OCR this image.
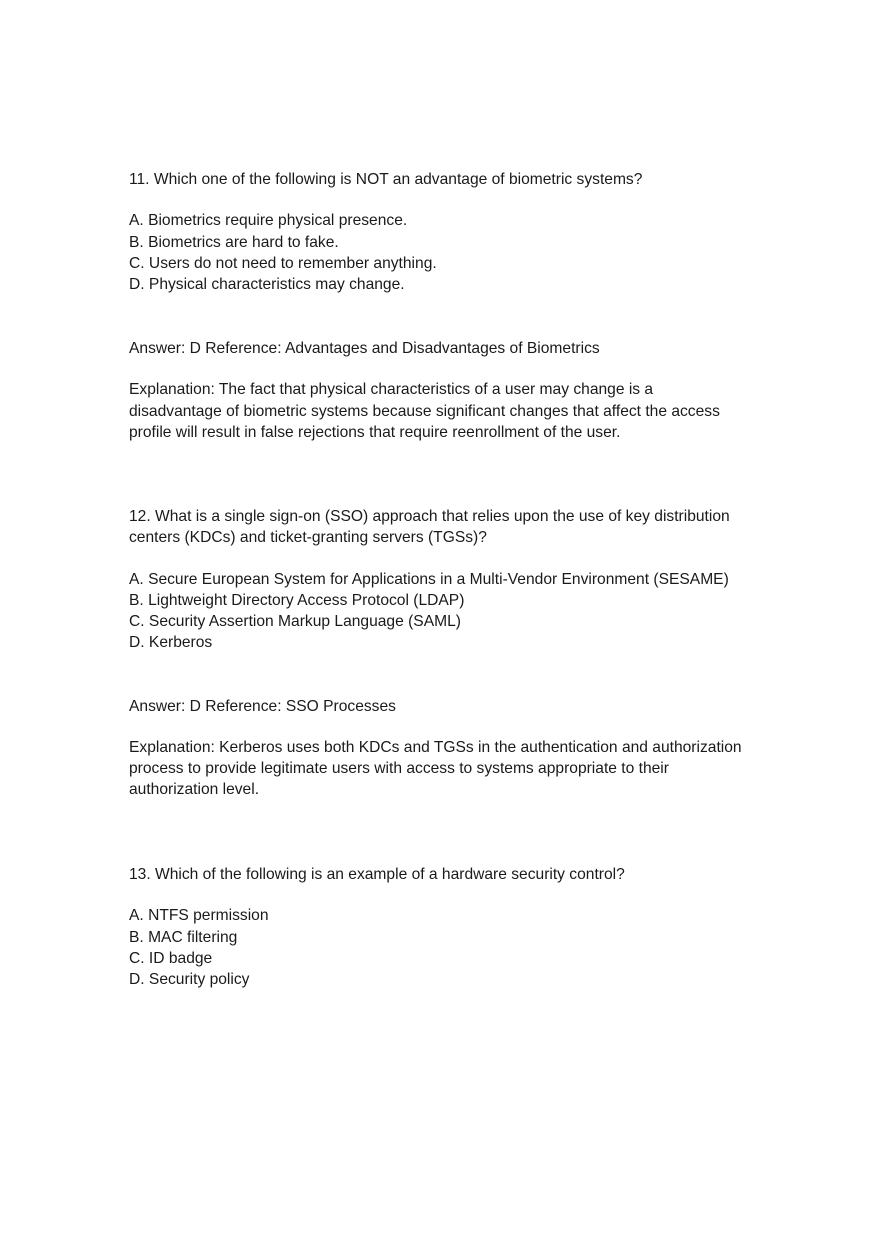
11. Which one of the following is NOT an advantage of biometric systems?
A. Biometrics require physical presence.
B. Biometrics are hard to fake.
C. Users do not need to remember anything.
D. Physical characteristics may change.
Answer: D Reference: Advantages and Disadvantages of Biometrics
Explanation: The fact that physical characteristics of a user may change is a
disadvantage of biometric systems because significant changes that affect the access
profile will result in false rejections that require reenrollment of the user.
12. What is a single sign-on (SSO) approach that relies upon the use of key distribution
centers (KDCs) and ticket-granting servers (TGSs)?
A. Secure European System for Applications in a Multi-Vendor Environment (SESAME)
B. Lightweight Directory Access Protocol (LDAP)
C. Security Assertion Markup Language (SAML)
D. Kerberos
Answer: D Reference: SSO Processes
Explanation: Kerberos uses both KDCs and TGSs in the authentication and authorization
process to provide legitimate users with access to systems appropriate to their
authorization level.
13. Which of the following is an example of a hardware security control?
A. NTFS permission
B. MAC filtering
C. ID badge
D. Security policy
